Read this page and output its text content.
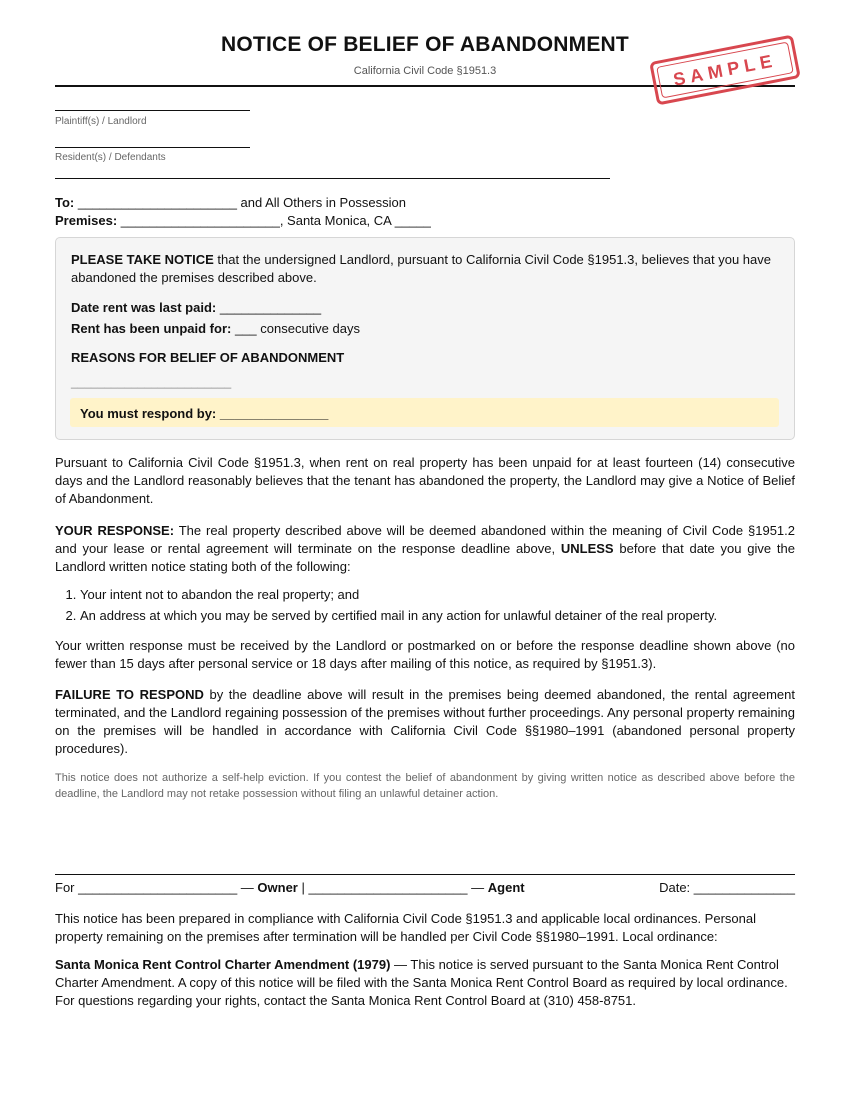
NOTICE OF BELIEF OF ABANDONMENT
California Civil Code §1951.3	SAMPLE
Plaintiff(s) / Landlord
Resident(s) / Defendants
To: ______________________ and All Others in Possession
Premises: ______________________, Santa Monica, CA _____
PLEASE TAKE NOTICE that the undersigned Landlord, pursuant to California Civil Code §1951.3, believes that you have abandoned the premises described above.
Date rent was last paid: ______________
Rent has been unpaid for: ___ consecutive days
REASONS FOR BELIEF OF ABANDONMENT
________________________
You must respond by: _______________
Pursuant to California Civil Code §1951.3, when rent on real property has been unpaid for at least fourteen (14) consecutive days and the Landlord reasonably believes that the tenant has abandoned the property, the Landlord may give a Notice of Belief of Abandonment.
YOUR RESPONSE: The real property described above will be deemed abandoned within the meaning of Civil Code §1951.2 and your lease or rental agreement will terminate on the response deadline above, UNLESS before that date you give the Landlord written notice stating both of the following:
1. Your intent not to abandon the real property; and
2. An address at which you may be served by certified mail in any action for unlawful detainer of the real property.
Your written response must be received by the Landlord or postmarked on or before the response deadline shown above (no fewer than 15 days after personal service or 18 days after mailing of this notice, as required by §1951.3).
FAILURE TO RESPOND by the deadline above will result in the premises being deemed abandoned, the rental agreement terminated, and the Landlord regaining possession of the premises without further proceedings. Any personal property remaining on the premises will be handled in accordance with California Civil Code §§1980–1991 (abandoned personal property procedures).
This notice does not authorize a self-help eviction. If you contest the belief of abandonment by giving written notice as described above before the deadline, the Landlord may not retake possession without filing an unlawful detainer action.
For ______________________ — Owner | ______________________ — Agent	Date: ______________
This notice has been prepared in compliance with California Civil Code §1951.3 and applicable local ordinances. Personal property remaining on the premises after termination will be handled per Civil Code §§1980–1991. Local ordinance:
Santa Monica Rent Control Charter Amendment (1979) — This notice is served pursuant to the Santa Monica Rent Control Charter Amendment. A copy of this notice will be filed with the Santa Monica Rent Control Board as required by local ordinance. For questions regarding your rights, contact the Santa Monica Rent Control Board at (310) 458-8751.
